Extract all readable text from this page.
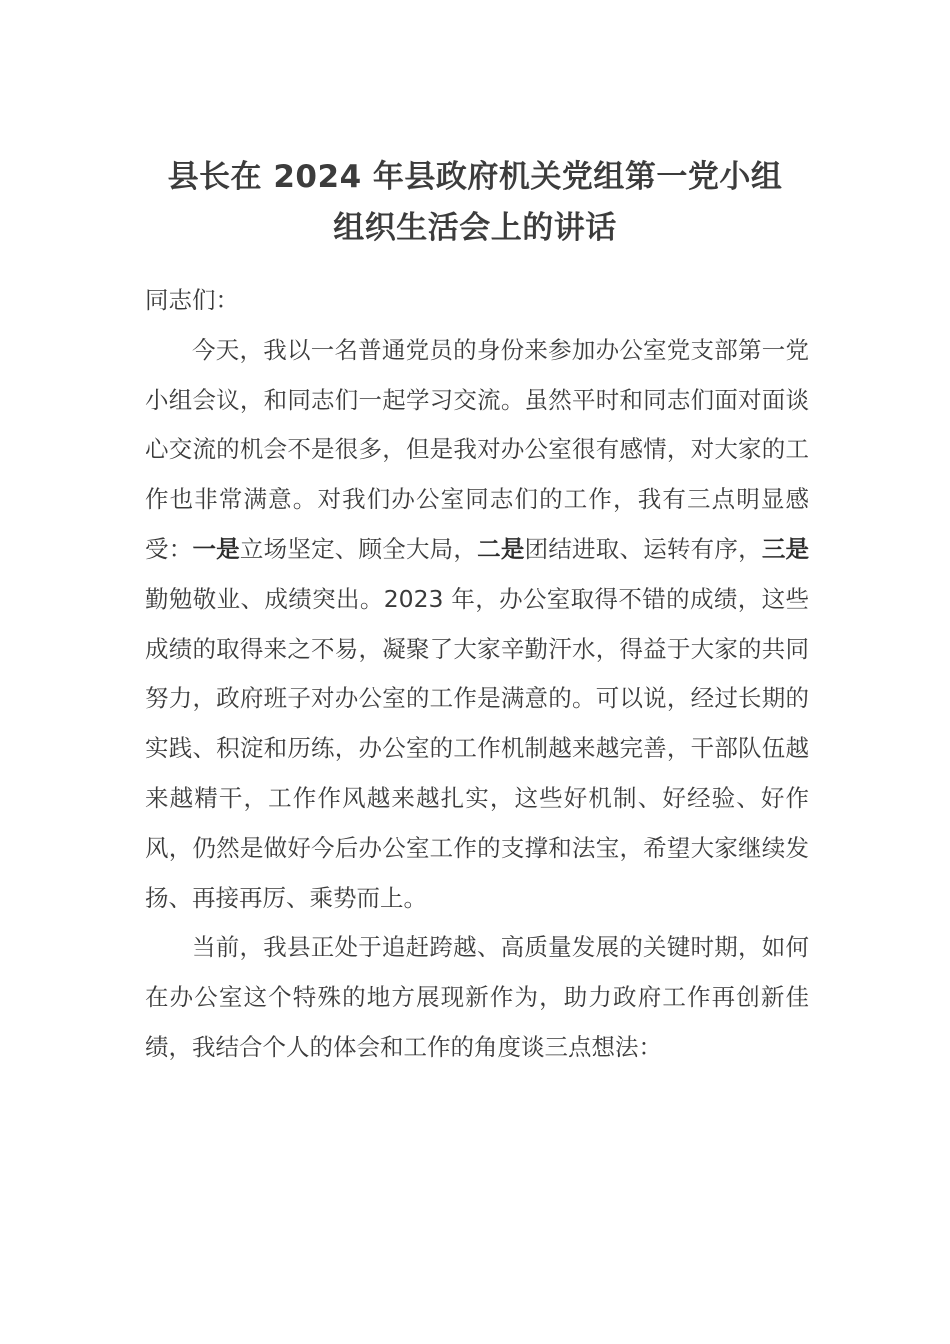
县长在 2024 年县政府机关党组第一党小组
组织生活会上的讲话

同志们：

今天，我以一名普通党员的身份来参加办公室党支部第一党小组会议，和同志们一起学习交流。虽然平时和同志们面对面谈心交流的机会不是很多，但是我对办公室很有感情，对大家的工作也非常满意。对我们办公室同志们的工作，我有三点明显感受：一是立场坚定、顾全大局，二是团结进取、运转有序，三是勤勉敬业、成绩突出。2023 年，办公室取得不错的成绩，这些成绩的取得来之不易，凝聚了大家辛勤汗水，得益于大家的共同努力，政府班子对办公室的工作是满意的。可以说，经过长期的实践、积淀和历练，办公室的工作机制越来越完善，干部队伍越来越精干，工作作风越来越扎实，这些好机制、好经验、好作风，仍然是做好今后办公室工作的支撑和法宝，希望大家继续发扬、再接再厉、乘势而上。

当前，我县正处于追赶跨越、高质量发展的关键时期，如何在办公室这个特殊的地方展现新作为，助力政府工作再创新佳绩，我结合个人的体会和工作的角度谈三点想法：
